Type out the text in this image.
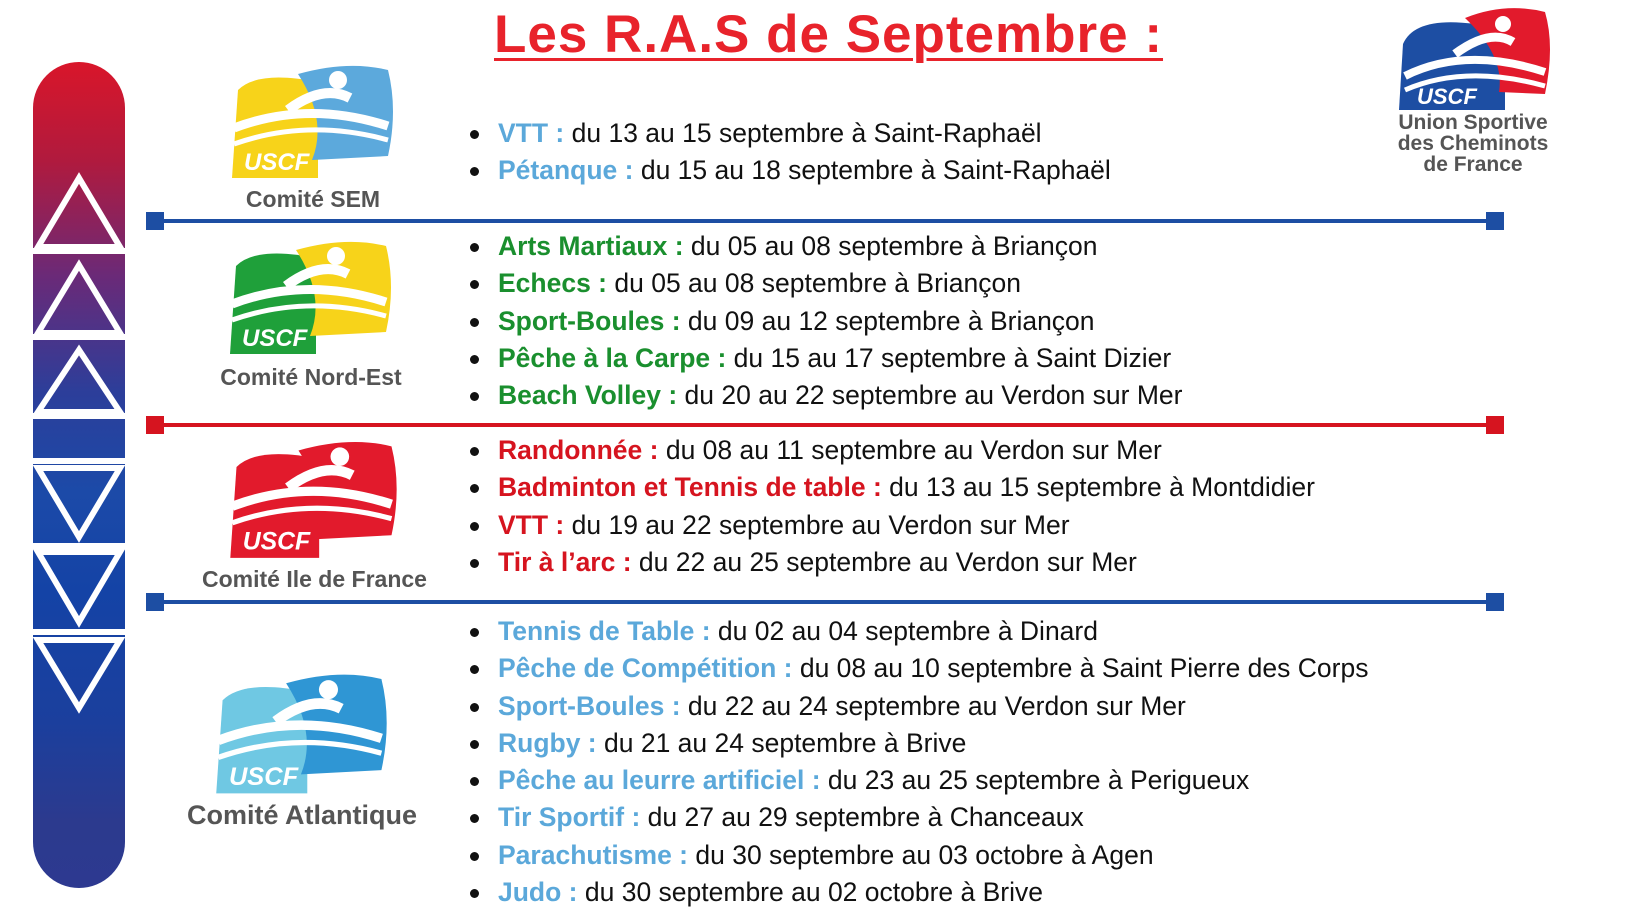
Les R.A.S de Septembre :
USCF
Union Sportive
des Cheminots
de France
USCF
Comité SEM
VTT : du 13 au 15 septembre à Saint-Raphaël
Pétanque : du 15 au 18 septembre à Saint-Raphaël
USCF
Comité Nord-Est
Arts Martiaux : du 05 au 08 septembre à Briançon
Echecs : du 05 au 08 septembre à Briançon
Sport-Boules : du 09 au 12 septembre à Briançon
Pêche à la Carpe : du 15 au 17 septembre à Saint Dizier
Beach Volley : du 20 au 22 septembre au Verdon sur Mer
USCF
Comité Ile de France
Randonnée : du 08 au 11 septembre au Verdon sur Mer
Badminton et Tennis de table : du 13 au 15 septembre à Montdidier
VTT : du 19 au 22 septembre au Verdon sur Mer
Tir à l’arc : du 22 au 25 septembre au Verdon sur Mer
USCF
Comité Atlantique
Tennis de Table : du 02 au 04 septembre à Dinard
Pêche de Compétition : du 08 au 10 septembre à Saint Pierre des Corps
Sport-Boules : du 22 au 24 septembre au Verdon sur Mer
Rugby : du 21 au 24 septembre à Brive
Pêche au leurre artificiel : du 23 au 25 septembre à Perigueux
Tir Sportif : du 27 au 29 septembre à Chanceaux
Parachutisme : du 30 septembre au 03 octobre à Agen
Judo : du 30 septembre au 02 octobre à Brive
